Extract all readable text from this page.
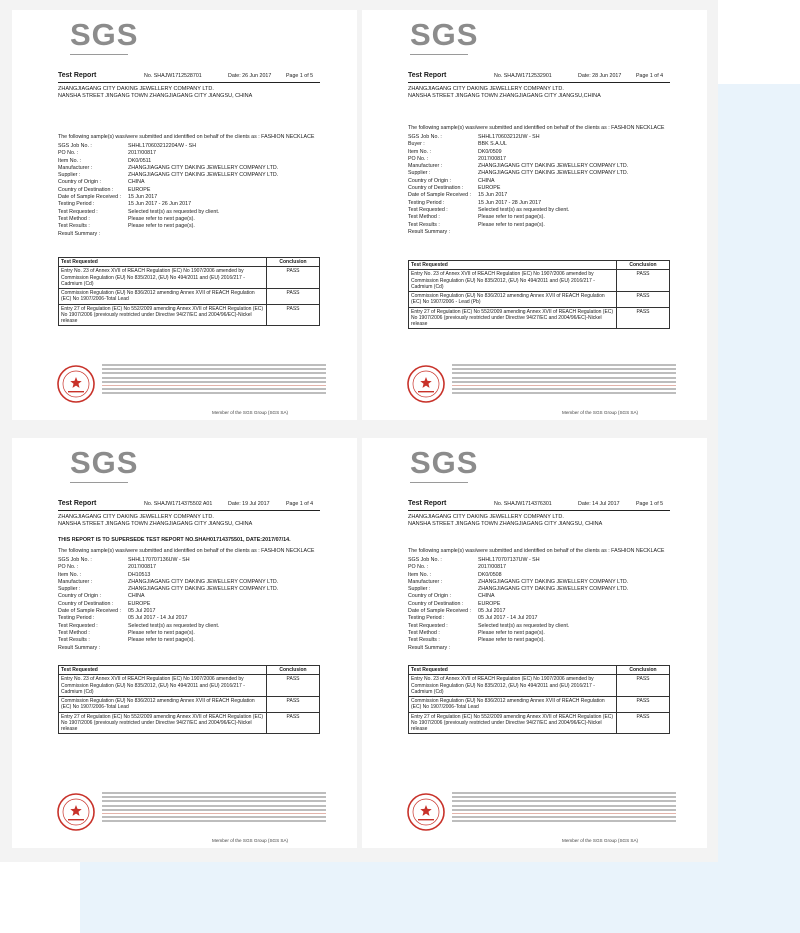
SGS
Test Report	No. SHAJW1712528701	Date: 26 Jun 2017	Page 1 of 5
ZHANGJIAGANG CITY DAKING JEWELLERY COMPANY LTD.
NANSHA STREET JINGANG TOWN ZHANGJIAGANG CITY JIANGSU, CHINA
The following sample(s) was/were submitted and identified on behalf of the clients as : FASHION NECKLACE
SGS Job No. :	SHHL170603212204/W - SH
PO No. :	2017/00817
Item No. :	DK0/0511
Manufacturer :	ZHANGJIAGANG CITY DAKING JEWELLERY COMPANY LTD.
Supplier :	ZHANGJIAGANG CITY DAKING JEWELLERY COMPANY LTD.
Country of Origin :	CHINA
Country of Destination :	EUROPE
Date of Sample Received : 15 Jun 2017
Testing Period :	15 Jun 2017 - 26 Jun 2017
Test Requested :	Selected test(s) as requested by client.
Test Method :	Please refer to next page(s).
Test Results :	Please refer to next page(s).
Result Summary :
Test Requested	Conclusion
Entry No. 23 of Annex XVII of REACH Regulation (EC) No 1907/2006 amended by Commission Regulation (EU) No 835/2012, (EU) No 494/2011 and (EU) 2016/217 - Cadmium (Cd)	PASS
Commission Regulation (EU) No 836/2012 amending Annex XVII of REACH Regulation (EC) No 1907/2006-Total Lead	PASS
Entry 27 of Regulation (EC) No 552/2009 amending Annex XVII of REACH Regulation (EC) No 1907/2006 (previously restricted under Directive 94/27/EC and 2004/96/EC)-Nickel release	PASS
Member of the SGS Group (SGS SA)
SGS
Test Report	No. SHAJW1712532901	Date: 28 Jun 2017	Page 1 of 4
ZHANGJIAGANG CITY DAKING JEWELLERY COMPANY LTD.
NANSHA STREET JINGANG TOWN ZHANGJIAGANG CITY JIANGSU,CHINA
The following sample(s) was/were submitted and identified on behalf of the clients as : FASHION NECKLACE
SGS Job No. :	SHHL170603212UW - SH
Buyer :	BBK S.A.UL
Item No. :	DK0/0509
PO No. :	2017/00817
Manufacturer :	ZHANGJIAGANG CITY DAKING JEWELLERY COMPANY LTD.
Supplier :	ZHANGJIAGANG CITY DAKING JEWELLERY COMPANY LTD.
Country of Origin :	CHINA
Country of Destination :	EUROPE
Date of Sample Received : 15 Jun 2017
Testing Period :	15 Jun 2017 - 28 Jun 2017
Test Requested :	Selected test(s) as requested by client.
Test Method :	Please refer to next page(s).
Test Results :	Please refer to next page(s).
Result Summary :
Test Requested	Conclusion
Entry No. 23 of Annex XVII of REACH Regulation (EC) No 1907/2006 amended by Commission Regulation (EU) No 835/2012, (EU) No 494/2011 and (EU) 2016/217 - Cadmium (Cd)	PASS
Commission Regulation (EU) No 836/2012 amending Annex XVII of REACH Regulation (EC) No 1907/2006 - Lead (Pb)	PASS
Entry 27 of Regulation (EC) No 552/2009 amending Annex XVII of REACH Regulation (EC) No 1907/2006 (previously restricted under Directive 94/27/EC and 2004/96/EC)-Nickel release	PASS
Member of the SGS Group (SGS SA)
SGS
Test Report	No. SHAJW1714375502 A01	Date: 19 Jul 2017	Page 1 of 4
ZHANGJIAGANG CITY DAKING JEWELLERY COMPANY LTD.
NANSHA STREET JINGANG TOWN ZHANGJIAGANG CITY JIANGSU, CHINA
THIS REPORT IS TO SUPERSEDE TEST REPORT NO.SHAH01714375501, DATE:2017/07/14.
The following sample(s) was/were submitted and identified on behalf of the clients as : FASHION NECKLACE
SGS Job No. :	SHHL170707136UW - SH
PO No. :	2017/00817
Item No. :	DH10513
Manufacturer :	ZHANGJIAGANG CITY DAKING JEWELLERY COMPANY LTD.
Supplier :	ZHANGJIAGANG CITY DAKING JEWELLERY COMPANY LTD.
Country of Origin :	CHINA
Country of Destination :	EUROPE
Date of Sample Received : 05 Jul 2017
Testing Period :	05 Jul 2017 - 14 Jul 2017
Test Requested :	Selected test(s) as requested by client.
Test Method :	Please refer to next page(s).
Test Results :	Please refer to next page(s).
Result Summary :
Test Requested	Conclusion
Entry No. 23 of Annex XVII of REACH Regulation (EC) No 1907/2006 amended by Commission Regulation (EU) No 835/2012, (EU) No 494/2011 and (EU) 2016/217 - Cadmium (Cd)	PASS
Commission Regulation (EU) No 836/2012 amending Annex XVII of REACH Regulation (EC) No 1907/2006-Total Lead	PASS
Entry 27 of Regulation (EC) No 552/2009 amending Annex XVII of REACH Regulation (EC) No 1907/2006 (previously restricted under Directive 94/27/EC and 2004/96/EC)-Nickel release	PASS
Member of the SGS Group (SGS SA)
SGS
Test Report	No. SHAJW1714376301	Date: 14 Jul 2017	Page 1 of 5
ZHANGJIAGANG CITY DAKING JEWELLERY COMPANY LTD.
NANSHA STREET JINGANG TOWN ZHANGJIAGANG CITY JIANGSU, CHINA
The following sample(s) was/were submitted and identified on behalf of the clients as : FASHION NECKLACE
SGS Job No. :	SHHL170707137UW - SH
PO No. :	2017/00817
Item No. :	DK0/0508
Manufacturer :	ZHANGJIAGANG CITY DAKING JEWELLERY COMPANY LTD.
Supplier :	ZHANGJIAGANG CITY DAKING JEWELLERY COMPANY LTD.
Country of Origin :	CHINA
Country of Destination :	EUROPE
Date of Sample Received : 05 Jul 2017
Testing Period :	05 Jul 2017 - 14 Jul 2017
Test Requested :	Selected test(s) as requested by client.
Test Method :	Please refer to next page(s).
Test Results :	Please refer to next page(s).
Result Summary :
Test Requested	Conclusion
Entry No. 23 of Annex XVII of REACH Regulation (EC) No 1907/2006 amended by Commission Regulation (EU) No 835/2012, (EU) No 494/2011 and (EU) 2016/217 - Cadmium (Cd)	PASS
Commission Regulation (EU) No 836/2012 amending Annex XVII of REACH Regulation (EC) No 1907/2006-Total Lead	PASS
Entry 27 of Regulation (EC) No 552/2009 amending Annex XVII of REACH Regulation (EC) No 1907/2006 (previously restricted under Directive 94/27/EC and 2004/96/EC)-Nickel release	PASS
Member of the SGS Group (SGS SA)
